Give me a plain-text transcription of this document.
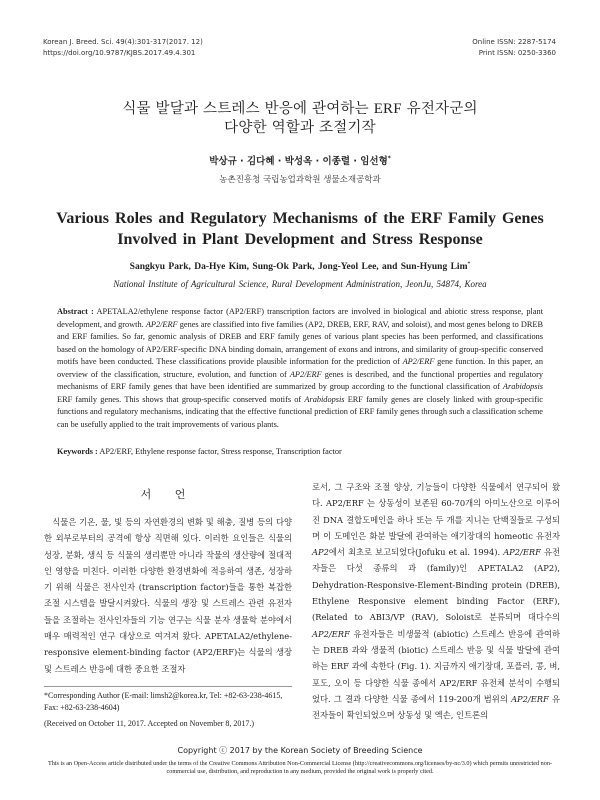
Korean J. Breed. Sci. 49(4):301-317(2017. 12)
https://doi.org/10.9787/KJBS.2017.49.4.301
Online ISSN: 2287-5174
Print ISSN: 0250-3360
식물 발달과 스트레스 반응에 관여하는 ERF 유전자군의
다양한 역할과 조절기작
박상규 · 김다혜 · 박성옥 · 이종렬 · 임선형*
농촌진흥청 국립농업과학원 생물소재공학과
Various Roles and Regulatory Mechanisms of the ERF Family Genes
Involved in Plant Development and Stress Response
Sangkyu Park, Da-Hye Kim, Sung-Ok Park, Jong-Yeol Lee, and Sun-Hyung Lim*
National Institute of Agricultural Science, Rural Development Administration, JeonJu, 54874, Korea
Abstract : APETALA2/ethylene response factor (AP2/ERF) transcription factors are involved in biological and abiotic stress response, plant development, and growth. AP2/ERF genes are classified into five families (AP2, DREB, ERF, RAV, and soloist), and most genes belong to DREB and ERF families. So far, genomic analysis of DREB and ERF family genes of various plant species has been performed, and classifications based on the homology of AP2/ERF-specific DNA binding domain, arrangement of exons and introns, and similarity of group-specific conserved motifs have been conducted. These classifications provide plausible information for the prediction of AP2/ERF gene function. In this paper, an overview of the classification, structure, evolution, and function of AP2/ERF genes is described, and the functional properties and regulatory mechanisms of ERF family genes that have been identified are summarized by group according to the functional classification of Arabidopsis ERF family genes. This shows that group-specific conserved motifs of Arabidopsis ERF family genes are closely linked with group-specific functions and regulatory mechanisms, indicating that the effective functional prediction of ERF family genes through such a classification scheme can be usefully applied to the trait improvements of various plants.
Keywords : AP2/ERF, Ethylene response factor, Stress response, Transcription factor
서 언

식물은 기온, 물, 빛 등의 자연환경의 변화 및 해충, 질병 등의 다양한 외부로부터의 공격에 항상 직면해 있다. 이러한 요인들은 식물의 성장, 분화, 생식 등 식물의 생리뿐만 아니라 작물의 생산량에 절대적인 영향을 미친다. 이러한 다양한 환경변화에 적응하여 생존, 성장하기 위해 식물은 전사인자 (transcription factor)들을 통한 복잡한 조절 시스템을 발달시켜왔다. 식물의 생장 및 스트레스 관련 유전자들을 조절하는 전사인자들의 기능 연구는 식물 분자 생물학 분야에서 매우 매력적인 연구 대상으로 여겨져 왔다. APETALA2/ethylene-responsive element-binding factor (AP2/ERF)는 식물의 생장 및 스트레스 반응에 대한 중요한 조절자

로서, 그 구조와 조절 양상, 기능들이 다양한 식물에서 연구되어 왔다. AP2/ERF 는 상동성이 보존된 60-70개의 아미노산으로 이루어진 DNA 결합도메인을 하나 또는 두 개를 지니는 단백질들로 구성되며 이 도메인은 화분 발달에 관여하는 애기장대의 homeotic 유전자 AP2에서 최초로 보고되었다(Jofuku et al. 1994). AP2/ERF 유전자들은 다섯 종류의 과 (family)인 APETALA2 (AP2), Dehydration-Responsive-Element-Binding protein (DREB), Ethylene Responsive element binding Factor (ERF), (Related to ABI3/VP (RAV), Soloist로 분류되며 대다수의 AP2/ERF 유전자들은 비생물적 (abiotic) 스트레스 반응에 관여하는 DREB 과와 생물적 (biotic) 스트레스 반응 및 식물 발달에 관여하는 ERF 과에 속한다 (Fig. 1). 지금까지 애기장대, 포플러, 콩, 벼, 포도, 오이 등 다양한 식물 종에서 AP2/ERF 유전체 분석이 수행되었다. 그 결과 다양한 식물 종에서 119-200개 범위의 AP2/ERF 유전자들이 확인되었으며 상동성 및 엑손, 인트론의

*Corresponding Author (E-mail: limsh2@korea.kr, Tel: +82-63-238-4615, Fax: +82-63-238-4604)
(Received on October 11, 2017. Accepted on November 8, 2017.)
Copyright ⓒ 2017 by the Korean Society of Breeding Science
This is an Open-Access article distributed under the terms of the Creative Commons Attribution Non-Commercial License (http://creativecommons.org/licenses/by-nc/3.0) which permits unrestricted non-commercial use, distribution, and reproduction in any medium, provided the original work is properly cited.
